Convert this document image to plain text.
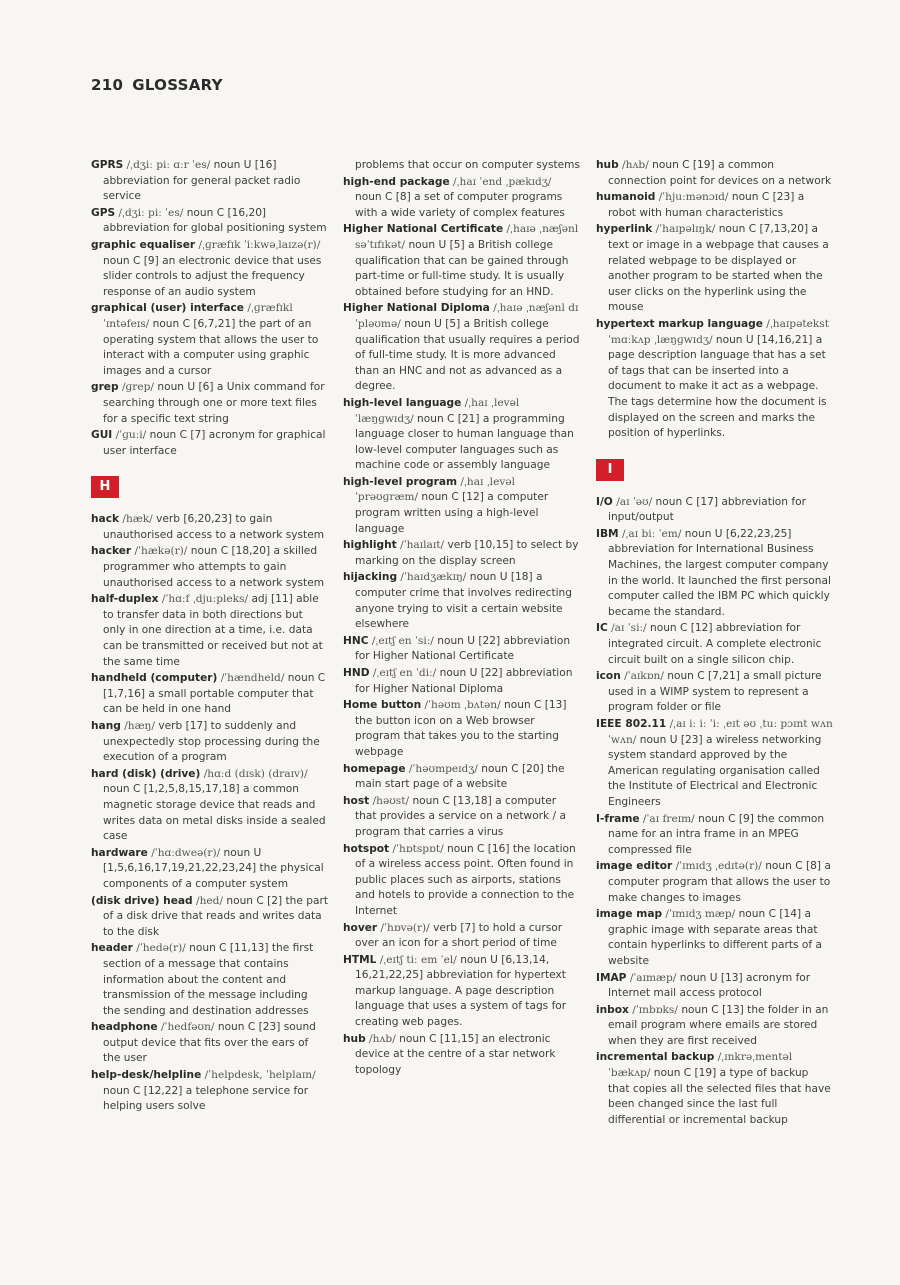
210 GLOSSARY
GPRS /ˌdʒiː piː ɑːr ˈes/ noun U [16] abbreviation for general packet radio service
GPS /ˌdʒiː piː ˈes/ noun C [16,20] abbreviation for global positioning system
graphic equaliser /ˌɡræfɪk ˈiːkwəˌlaɪzə(r)/ noun C [9] an electronic device that uses slider controls to adjust the frequency response of an audio system
graphical (user) interface /ˌɡræfɪkl ˈɪntəfeɪs/ noun C [6,7,21] the part of an operating system that allows the user to interact with a computer using graphic images and a cursor
grep /ɡrep/ noun U [6] a Unix command for searching through one or more text files for a specific text string
GUI /ˈɡuːi/ noun C [7] acronym for graphical user interface
H
hack /hæk/ verb [6,20,23] to gain unauthorised access to a network system
hacker /ˈhækə(r)/ noun C [18,20] a skilled programmer who attempts to gain unauthorised access to a network system
half-duplex /ˈhɑːf ˌdjuːpleks/ adj [11] able to transfer data in both directions but only in one direction at a time, i.e. data can be transmitted or received but not at the same time
handheld (computer) /ˈhændheld/ noun C [1,7,16] a small portable computer that can be held in one hand
hang /hæŋ/ verb [17] to suddenly and unexpectedly stop processing during the execution of a program
hard (disk) (drive) /hɑːd (dɪsk) (draɪv)/ noun C [1,2,5,8,15,17,18] a common magnetic storage device that reads and writes data on metal disks inside a sealed case
hardware /ˈhɑːdweə(r)/ noun U [1,5,6,16,17,19,21,22,23,24] the physical components of a computer system
(disk drive) head /hed/ noun C [2] the part of a disk drive that reads and writes data to the disk
header /ˈhedə(r)/ noun C [11,13] the first section of a message that contains information about the content and transmission of the message including the sending and destination addresses
headphone /ˈhedfəʊn/ noun C [23] sound output device that fits over the ears of the user
help-desk/helpline /ˈhelpdesk, ˈhelplaɪn/ noun C [12,22] a telephone service for helping users solve
problems that occur on computer systems
high-end package /ˌhaɪ ˈend ˌpækɪdʒ/ noun C [8] a set of computer programs with a wide variety of complex features
Higher National Certificate /ˌhaɪə ˌnæʃənl səˈtɪfɪkət/ noun U [5] a British college qualification that can be gained through part-time or full-time study. It is usually obtained before studying for an HND.
Higher National Diploma /ˌhaɪə ˌnæʃənl dɪˈpləʊmə/ noun U [5] a British college qualification that usually requires a period of full-time study. It is more advanced than an HNC and not as advanced as a degree.
high-level language /ˌhaɪ ˌlevəl ˈlæŋɡwɪdʒ/ noun C [21] a programming language closer to human language than low-level computer languages such as machine code or assembly language
high-level program /ˌhaɪ ˌlevəl ˈprəʊɡræm/ noun C [12] a computer program written using a high-level language
highlight /ˈhaɪlaɪt/ verb [10,15] to select by marking on the display screen
hijacking /ˈhaɪdʒækɪŋ/ noun U [18] a computer crime that involves redirecting anyone trying to visit a certain website elsewhere
HNC /ˌeɪtʃ en ˈsiː/ noun U [22] abbreviation for Higher National Certificate
HND /ˌeɪtʃ en ˈdiː/ noun U [22] abbreviation for Higher National Diploma
Home button /ˈhəʊm ˌbʌtən/ noun C [13] the button icon on a Web browser program that takes you to the starting webpage
homepage /ˈhəʊmpeɪdʒ/ noun C [20] the main start page of a website
host /həʊst/ noun C [13,18] a computer that provides a service on a network / a program that carries a virus
hotspot /ˈhɒtspɒt/ noun C [16] the location of a wireless access point. Often found in public places such as airports, stations and hotels to provide a connection to the Internet
hover /ˈhɒvə(r)/ verb [7] to hold a cursor over an icon for a short period of time
HTML /ˌeɪtʃ tiː em ˈel/ noun U [6,13,14, 16,21,22,25] abbreviation for hypertext markup language. A page description language that uses a system of tags for creating web pages.
hub /hʌb/ noun C [11,15] an electronic device at the centre of a star network topology
hub /hʌb/ noun C [19] a common connection point for devices on a network
humanoid /ˈhjuːmənɔɪd/ noun C [23] a robot with human characteristics
hyperlink /ˈhaɪpəlɪŋk/ noun C [7,13,20] a text or image in a webpage that causes a related webpage to be displayed or another program to be started when the user clicks on the hyperlink using the mouse
hypertext markup language /ˌhaɪpətekst ˈmɑːkʌp ˌlæŋɡwɪdʒ/ noun U [14,16,21] a page description language that has a set of tags that can be inserted into a document to make it act as a webpage. The tags determine how the document is displayed on the screen and marks the position of hyperlinks.
I
I/O /aɪ ˈəʊ/ noun C [17] abbreviation for input/output
IBM /ˌaɪ biː ˈem/ noun U [6,22,23,25] abbreviation for International Business Machines, the largest computer company in the world. It launched the first personal computer called the IBM PC which quickly became the standard.
IC /aɪ ˈsiː/ noun C [12] abbreviation for integrated circuit. A complete electronic circuit built on a single silicon chip.
icon /ˈaɪkɒn/ noun C [7,21] a small picture used in a WIMP system to represent a program folder or file
IEEE 802.11 /ˌaɪ iː iː ˈiː ˌeɪt əʊ ˌtuː pɔɪnt wʌn ˈwʌn/ noun U [23] a wireless networking system standard approved by the American regulating organisation called the Institute of Electrical and Electronic Engineers
I-frame /ˈaɪ freɪm/ noun C [9] the common name for an intra frame in an MPEG compressed file
image editor /ˈɪmɪdʒ ˌedɪtə(r)/ noun C [8] a computer program that allows the user to make changes to images
image map /ˈɪmɪdʒ mæp/ noun C [14] a graphic image with separate areas that contain hyperlinks to different parts of a website
IMAP /ˈaɪmæp/ noun U [13] acronym for Internet mail access protocol
inbox /ˈɪnbɒks/ noun C [13] the folder in an email program where emails are stored when they are first received
incremental backup /ˌɪnkrəˌmentəl ˈbækʌp/ noun C [19] a type of backup that copies all the selected files that have been changed since the last full differential or incremental backup
